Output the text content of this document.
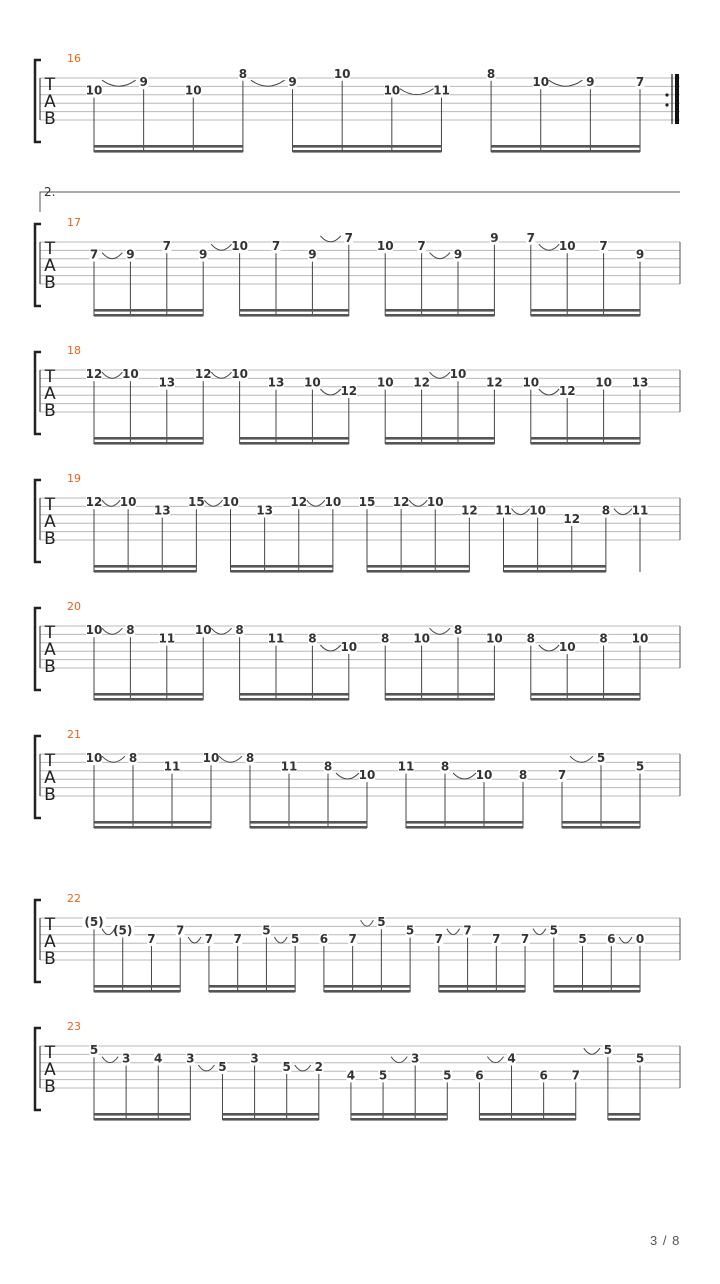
T
A
B
16
10
9
10
8
9
10
10	11
8
10	9	7
T
A
B
17
7 9
7
9
10 7
9
7
10 7
9
9 7
10 7
9
T
A
B
18
12 10
13
12 10
13 10
12
10 12
10
12 10
12
10 13
T
A
B
19
12 10
13
15 10
13
12 10 15 12 10
12 11 10
12
8 11
T
A
B
20
10 8
11
10 8
11 8
10
8 10
8
10 8
10
8 10
T
A
B
21
10 8
11
10 8
11 8
10
11 8
10 8	7
5
5
T
A
B
22
(5)
(5)
7
7
7 7
5
5 6 7
5
5
7
7
7 7
5
5 6 0
T
A
B
23
5
3 4 3
5
3
5 2
4 5
3
5 6
4
6 7
5
5
2.
3 / 8
